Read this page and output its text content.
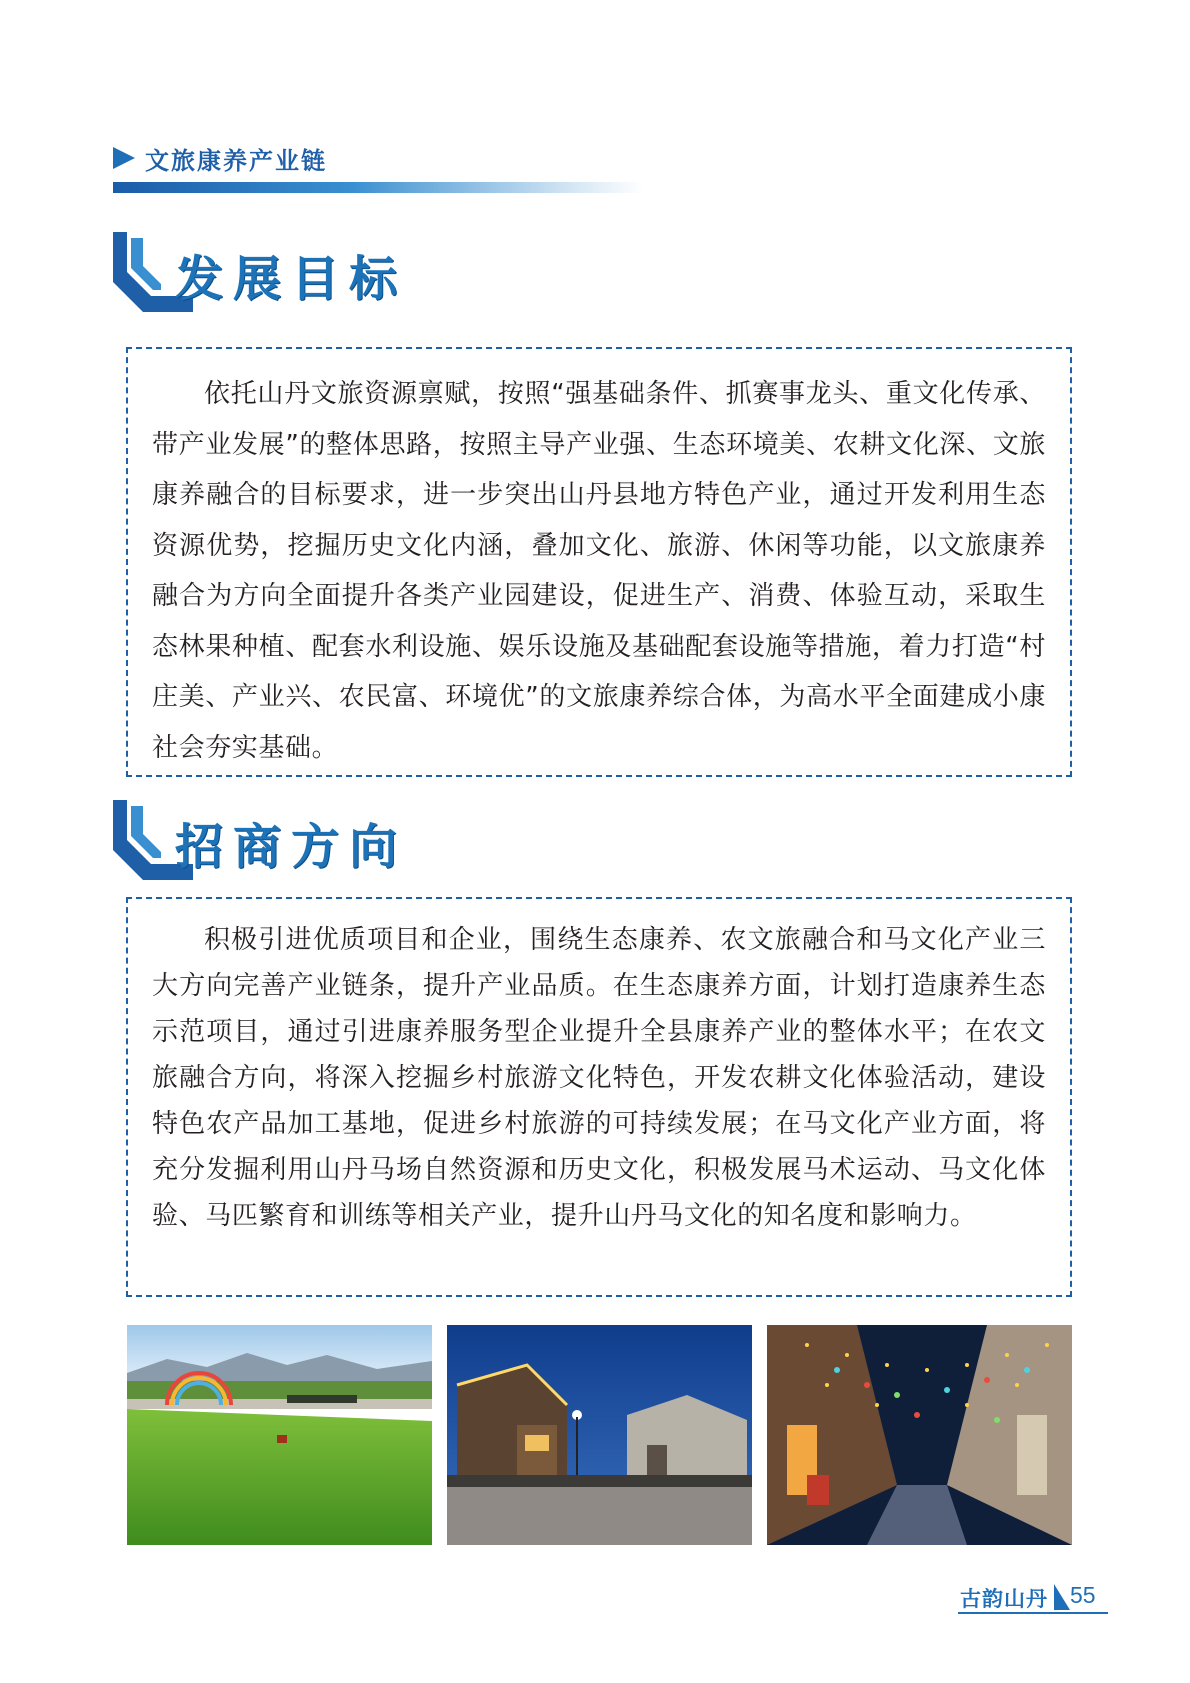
文旅康养产业链
发展目标

依托山丹文旅资源禀赋，按照“强基础条件、抓赛事龙头、重文化传承、带产业发展”的整体思路，按照主导产业强、生态环境美、农耕文化深、文旅康养融合的目标要求，进一步突出山丹县地方特色产业，通过开发利用生态资源优势，挖掘历史文化内涵，叠加文化、旅游、休闲等功能，以文旅康养融合为方向全面提升各类产业园建设，促进生产、消费、体验互动，采取生态林果种植、配套水利设施、娱乐设施及基础配套设施等措施，着力打造“村庄美、产业兴、农民富、环境优”的文旅康养综合体，为高水平全面建成小康社会夯实基础。

招商方向

积极引进优质项目和企业，围绕生态康养、农文旅融合和马文化产业三大方向完善产业链条，提升产业品质。在生态康养方面，计划打造康养生态示范项目，通过引进康养服务型企业提升全县康养产业的整体水平；在农文旅融合方向，将深入挖掘乡村旅游文化特色，开发农耕文化体验活动，建设特色农产品加工基地，促进乡村旅游的可持续发展；在马文化产业方面，将充分发掘利用山丹马场自然资源和历史文化，积极发展马术运动、马文化体验、马匹繁育和训练等相关产业，提升山丹马文化的知名度和影响力。

古韵山丹 55
